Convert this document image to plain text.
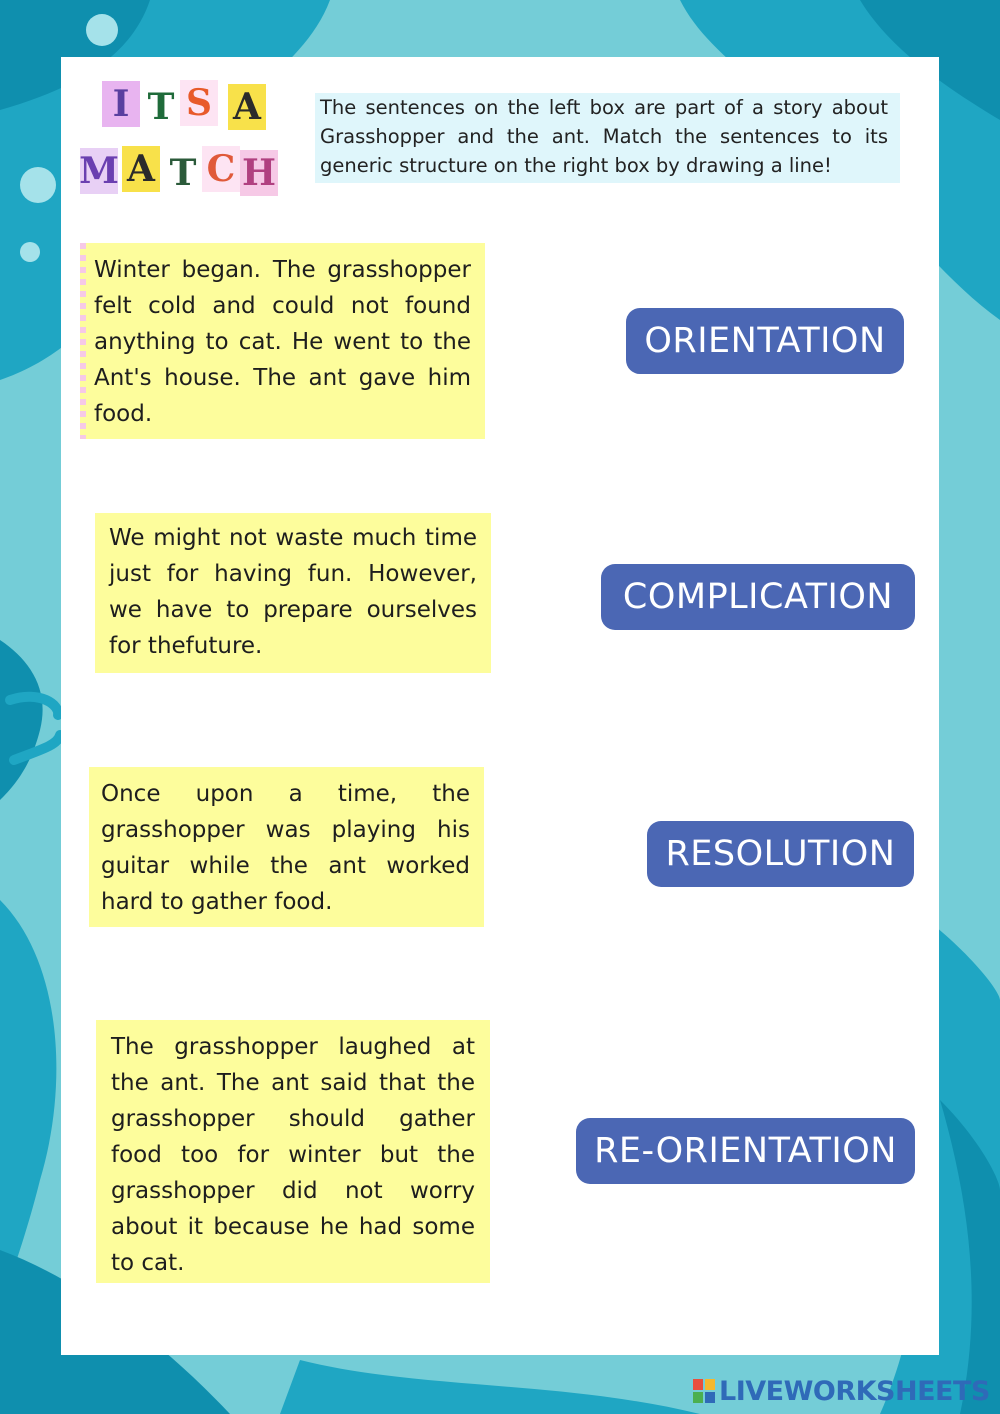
I T S A
M A T C H
The sentences on the left box are part of a story about Grasshopper and the ant. Match the sentences to its generic structure on the right box by drawing a line!
Winter began. The grasshopper felt cold and could not found anything to cat. He went to the Ant's house. The ant gave him food.
We might not waste much time just for having fun. However, we have to prepare ourselves for thefuture.
Once upon a time, the grasshopper was playing his guitar while the ant worked hard to gather food.
The grasshopper laughed at the ant. The ant said that the grasshopper should gather food too for winter but the grasshopper did not worry about it because he had some to cat.
ORIENTATION
COMPLICATION
RESOLUTION
RE-ORIENTATION
LIVEWORKSHEETS
